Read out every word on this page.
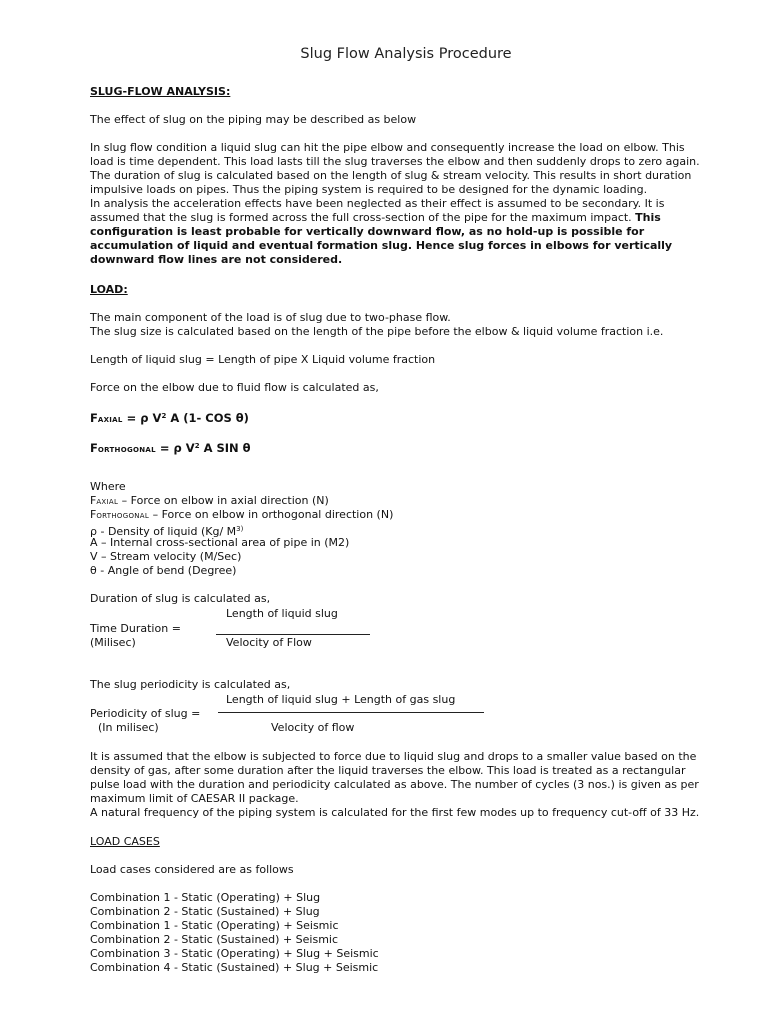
Slug Flow Analysis Procedure
SLUG-FLOW ANALYSIS:
The effect of slug on the piping may be described as below
In slug flow condition a liquid slug can hit the pipe elbow and consequently increase the load on elbow. This
load is time dependent. This load lasts till the slug traverses the elbow and then suddenly drops to zero again.
The duration of slug is calculated based on the length of slug & stream velocity. This results in short duration
impulsive loads on pipes. Thus the piping system is required to be designed for the dynamic loading.
In analysis the acceleration effects have been neglected as their effect is assumed to be secondary. It is
assumed that the slug is formed across the full cross-section of the pipe for the maximum impact. This
configuration is least probable for vertically downward flow, as no hold-up is possible for
accumulation of liquid and eventual formation slug. Hence slug forces in elbows for vertically
downward flow lines are not considered.
LOAD:
The main component of the load is of slug due to two-phase flow.
The slug size is calculated based on the length of the pipe before the elbow & liquid volume fraction i.e.
Length of liquid slug = Length of pipe X Liquid volume fraction
Force on the elbow due to fluid flow is calculated as,
FAXIAL = ρ $V^2$ A (1- COS θ)
FORTHOGONAL = ρ $V^2$ A SIN θ
Where
FAXIAL – Force on elbow in axial direction (N)
FORTHOGONAL – Force on elbow in orthogonal direction (N)
ρ - Density of liquid (Kg/ $M^{3)}$
A – Internal cross-sectional area of pipe in (M2)
V – Stream velocity (M/Sec)
θ - Angle of bend (Degree)
Duration of slug is calculated as,
Length of liquid slug
Time Duration =
(Milisec)	Velocity of Flow
The slug periodicity is calculated as,
Length of liquid slug + Length of gas slug
Periodicity of slug =
(In milisec)	Velocity of flow
It is assumed that the elbow is subjected to force due to liquid slug and drops to a smaller value based on the
density of gas, after some duration after the liquid traverses the elbow. This load is treated as a rectangular
pulse load with the duration and periodicity calculated as above. The number of cycles (3 nos.) is given as per
maximum limit of CAESAR II package.
A natural frequency of the piping system is calculated for the first few modes up to frequency cut-off of 33 Hz.
LOAD CASES
Load cases considered are as follows
Combination 1 - Static (Operating) + Slug
Combination 2 - Static (Sustained) + Slug
Combination 1 - Static (Operating) + Seismic
Combination 2 - Static (Sustained) + Seismic
Combination 3 - Static (Operating) + Slug + Seismic
Combination 4 - Static (Sustained) + Slug + Seismic
